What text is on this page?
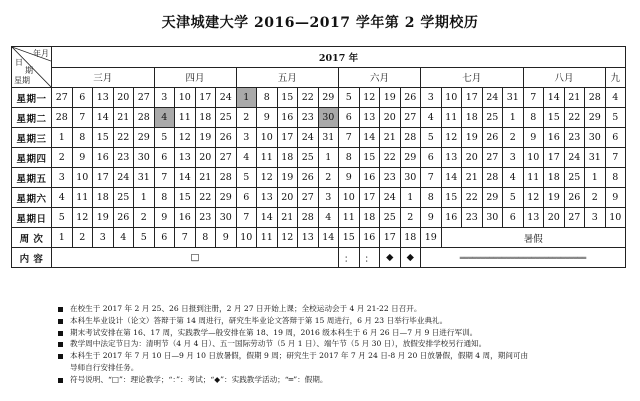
天津城建大学 2016—2017 学年第 2 学期校历
年月
日
期
星期	2017 年																											
	三月					四月				五月					六月				七月					八月				九
星期一	27	6	13	20	27	3	10	17	24	1	8	15	22	29	5	12	19	26	3	10	17	24	31	7	14	21	28	4
星期二	28	7	14	21	28	4	11	18	25	2	9	16	23	30	6	13	20	27	4	11	18	25	1	8	15	22	29	5
星期三	1	8	15	22	29	5	12	19	26	3	10	17	24	31	7	14	21	28	5	12	19	26	2	9	16	23	30	6
星期四	2	9	16	23	30	6	13	20	27	4	11	18	25	1	8	15	22	29	6	13	20	27	3	10	17	24	31	7
星期五	3	10	17	24	31	7	14	21	28	5	12	19	26	2	9	16	23	30	7	14	21	28	4	11	18	25	1	8
星期六	4	11	18	25	1	8	15	22	29	6	13	20	27	3	10	17	24	1	8	15	22	29	5	12	19	26	2	9
星期日	5	12	19	26	2	9	16	23	30	7	14	21	28	4	11	18	25	2	9	16	23	30	6	13	20	27	3	10
周 次	1	2	3	4	5	6	7	8	9	10	11	12	13	14	15	16	17	18	19	暑假								
内 容	□														：	：	◆	◆	══════════════════════════════									
在校生于 2017 年 2 月 25、26 日报到注册，2 月 27 日开始上课；全校运动会于 4 月 21-22 日召开。
本科生毕业设计（论文）答辩于第 14 周进行，研究生毕业论文答辩于第 15 周进行，6 月 23 日举行毕业典礼。
期末考试安排在第 16、17 周，实践教学—般安排在第 18、19 周，2016 级本科生于 6 月 26 日—7 月 9 日进行军训。
教学周中法定节日为：清明节（4 月 4 日）、五一国际劳动节（5 月 1 日）、端午节（5 月 30 日），放假安排学校另行通知。
本科生于 2017 年 7 月 10 日—9 月 10 日放暑假，假期 9 周；研究生于 2017 年 7 月 24 日-8 月 20 日放暑假，假期 4 周，期间可由
导师自行安排任务。
符号说明、“□”：理论教学；“：”：考试；“◆”：实践教学活动；“═”：假期。
